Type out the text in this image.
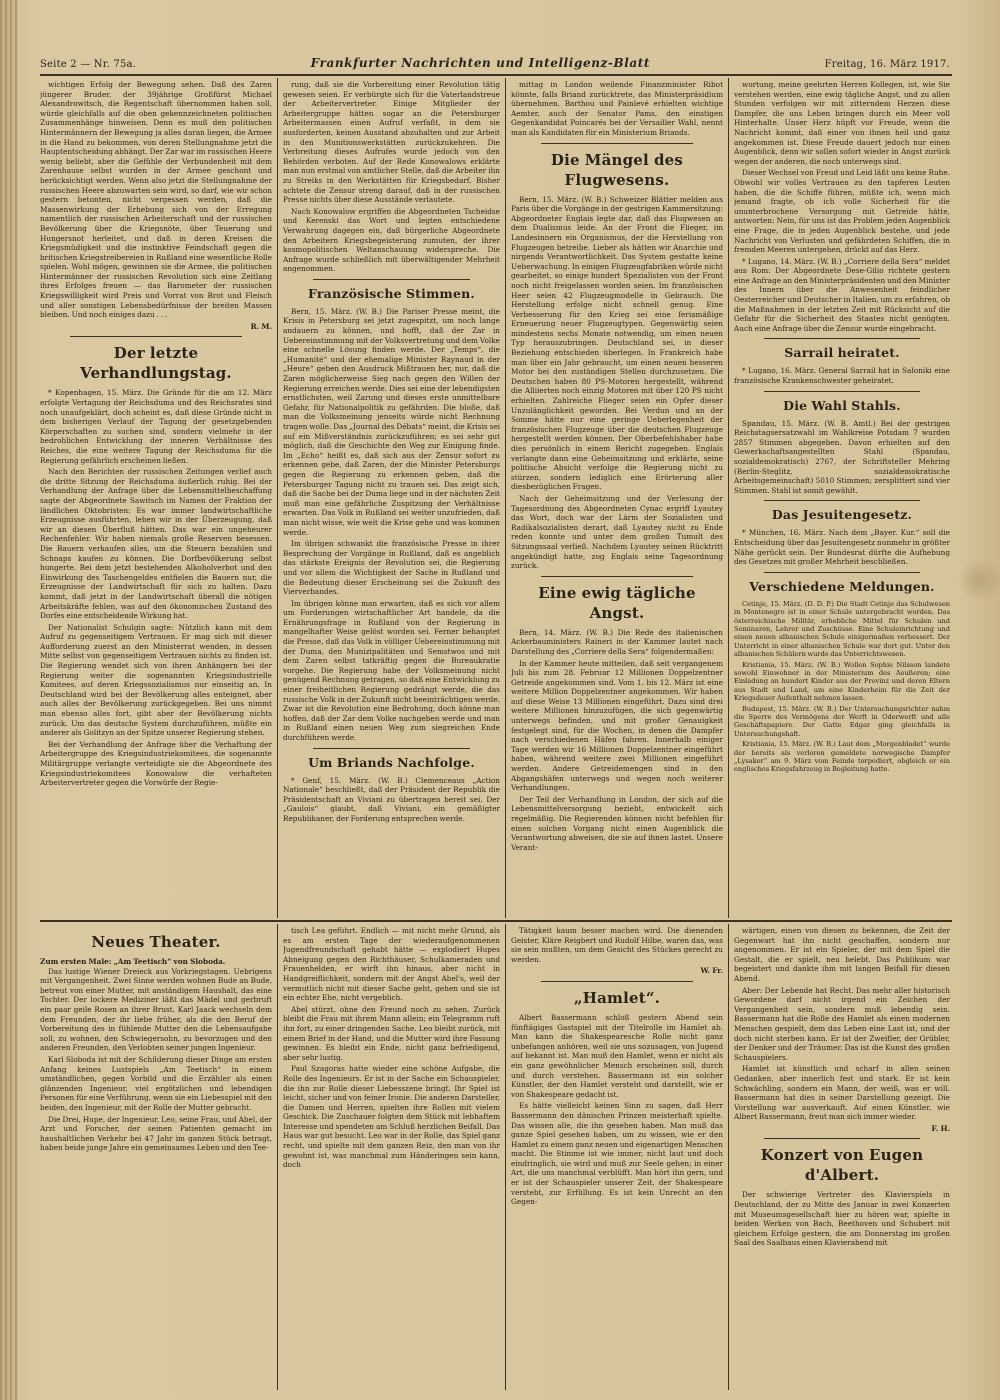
Seite 2 — Nr. 75a.	Frankfurter Nachrichten und Intelligenz-Blatt	Freitag, 16. März 1917.

wichtigen Erfolg der Bewegung sehen. Daß des Zaren jüngerer Bruder, der 39jährige Großfürst Michael Alexandrowitsch, die Regentschaft übernommen haben soll, würde gleichfalls auf die oben gekennzeichneten politischen Zusammenhänge hinweisen. Denn es muß den politischen Hintermännern der Bewegung ja alles daran liegen, die Armee in die Hand zu bekommen, von deren Stellungnahme jetzt die Hauptentscheidung abhängt. Der Zar war im russischen Heere wenig beliebt, aber die Gefühle der Verbundenheit mit dem Zarenhause selbst wurden in der Armee geschont und berücksichtigt werden. Wenn also jetzt die Stellungnahme der russischen Heere abzuwarten sein wird, so darf, wie wir schon gestern betonten, nicht vergessen werden, daß die Massenwirkung der Erhebung sich von der Erregung namentlich der russischen Arbeiterschaft und der russischen Bevölkerung über die Kriegsnöte, über Teuerung und Hungersnot herleitet, und daß in deren Kreisen die Kriegsmüdigkeit und die instinktive Feindschaft gegen die britischen Kriegstreibereien in Rußland eine wesentliche Rolle spielen. Wohl mögen, gewinnen sie die Armee, die politischen Hintermänner der russischen Revolution sich eine Zeitlang ihres Erfolges freuen — das Barometer der russischen Kriegswilligkeit wird Preis und Vorrat von Brot und Fleisch und aller sonstigen Lebensbedürfnisse der breiten Massen bleiben. Und noch einiges dazu . . .

R. M.
Der letzte Verhandlungstag.

* Kopenhagen, 15. März. Die Gründe für die am 12. März erfolgte Vertagung der Reichsduma und des Reichsrates sind noch unaufgeklärt, doch scheint es, daß diese Gründe nicht in dem bisherigen Verlauf der Tagung der gesetzgebenden Körperschaften zu suchen sind, sondern vielmehr in der bedrohlichen Entwicklung der inneren Verhältnisse des Reiches, die eine weitere Tagung der Reichsduma für die Regierung gefährlich erscheinen ließen.

Nach den Berichten der russischen Zeitungen verlief auch die dritte Sitzung der Reichsduma äußerlich ruhig. Bei der Verhandlung der Anfrage über die Lebensmittelbeschaffung sagte der Abgeordnete Sawitsch im Namen der Fraktion der ländlichen Oktobristen: Es war immer landwirtschaftliche Erzeugnisse ausführten, leben wir in der Überzeugung, daß wir an diesen Überfluß hätten. Das war ein ungeheurer Rechenfehler. Wir haben niemals große Reserven besessen. Die Bauern verkaufen alles, um die Steuern bezahlen und Schnaps kaufen zu können. Die Dorfbevölkerung selbst hungerte. Bei dem jetzt bestehenden Alkoholverbot und den Einwirkung des Taschengeldes entfielen die Bauern nur, die Erzeugnisse der Landwirtschaft für sich zu halten. Dazu kommt, daß jetzt in der Landwirtschaft überall die nötigen Arbeitskräfte fehlen, was auf den ökonomischen Zustand des Dorfes eine entscheidende Wirkung hat.

Der Nationalist Schulgin sagte: Nützlich kann mit dem Aufruf zu gegenseitigem Vertrauen. Er mag sich mit dieser Aufforderung zuerst an den Ministerrat wenden, in dessen Mitte selbst von gegenseitigem Vertrauen nichts zu finden ist. Die Regierung wendet sich von ihren Anhängern bei der Regierung weiter die sogenannten Kriegsindustrielle Komitees, auf deren Kriegssozialismus nur einseitig an. In Deutschland wird bei der Bevölkerung alles enteignet, aber auch alles der Bevölkerung zurückgegeben. Bei uns nimmt man ebenso alles fort, gibt aber der Bevölkerung nichts zurück. Um das deutsche System durchzuführen, müßte ein anderer als Golitzyn an der Spitze unserer Regierung stehen.

Bei der Verhandlung der Anfrage über die Verhaftung der Arbeitergruppe des Kriegsindustriekomitees, die sogenannte Militärgruppe verlangte verteidigte sie die Abgeordnete des Kriegsindustriekomitees Konowalow die verhafteten Arbeitervertreter gegen die Vorwürfe der Regie-

rung, daß sie die Vorbereitung einer Revolution tätig gewesen seien. Er verbürgte sich für die Vaterlandstreue der Arbeitervertreter. Einige Mitglieder der Arbeitergruppe hätten sogar an die Petersburger Arbeitermassen einen Aufruf verfaßt, in dem sie ausforderten, keinen Ausstand abzuhalten und zur Arbeit in den Munitionswerkstätten zurückzukehren. Die Verbreitung dieses Aufrufes wurde jedoch von den Behörden verboten. Auf der Rede Konowalows erklärte man nun erstmal von amtlicher Stelle, daß die Arbeiter ihn zu Streiks in den Werkstätten für Kriegsbedarf. Bisher achtete die Zensur streng darauf, daß in der russischen Presse nichts über diese Ausstände verlautete.

Nach Konowalow ergriffen die Abgeordneten Tscheidse und Kerenski das Wort und legten entschiedene Verwahrung dagegen ein, daß bürgerliche Abgeordnete den Arbeitern Kriegsbegeisterung zumuten, der ihrer kosmopolitischen Weltanschauung widerspreche. Die Anfrage wurde schließlich mit überwältigender Mehrheit angenommen.

Französische Stimmen.

Bern, 15. März. (W. B.) Die Pariser Presse meint, die Krisis in Petersburg sei jetzt zugespitzt, um noch lange andauern zu können, und hofft, daß der Zar in Uebereinstimmung mit der Volksvertretung und dem Volke eine schnelle Lösung finden werde. Der „Temps“, die „Humanité“ und der ehemalige Minister Raynaud in der „Heure“ geben den Ausdruck Mißtrauen her, nur, daß die Zaren möglicherweise Sieg nach gegen den Willen der Regierung erreichen werde. Dies sei eine der lebendigsten ernstlichsten, weil Zarung und dieses erste unmittelbare Gefahr, für Nationalpolitik zu gefährden. Die bloße, daß man die Volksmeinung jenseits würde nicht Rechnung tragen wolle. Das „Journal des Débats“ meint, die Krisis sei auf ein Mißverständnis zurückzuführen; es sei sehr gut möglich, daß die Geschichte den Weg zur Einigung finde. Im „Echo“ heißt es, daß sich aus der Zensur sofort zu erkennen gebe, daß Zaren, der die Minister Petersburgs gegen die Regierung zu erkennen geben, daß die Petersburger Tagung nicht zu trauen sei. Das zeigt sich, daß die Sache bei der Duma liege und in der nächsten Zeit muß man eine gefährliche Zuspitzung der Verhältnisse erwarten. Das Volk in Rußland sei weiter unzufrieden, daß man nicht wisse, wie weit die Krise gehe und was kommen werde.

Im übrigen schwankt die französische Presse in ihrer Besprechung der Vorgänge in Rußland, daß es angeblich das stärkste Ereignis der Revolution sei, die Regierung und vor allem die Wichtigkeit der Sache in Rußland und die Bedeutung dieser Erscheinung sei die Zukunft des Vierverbandes.

Im übrigen könne man erwarten, daß es sich vor allem um Forderungen wirtschaftlicher Art handele, da die Ernährungsfrage in Rußland von der Regierung in mangelhafter Weise gelöst worden sei. Ferner behauptet die Presse, daß das Volk in völliger Uebereinstimmung mit der Duma, den Munizipalitäten und Semstwos und mit dem Zaren selbst tatkräftig gegen die Bureaukratie vorgehe. Die Regierung habe der Volksmeinung nicht genügend Rechnung getragen, so daß eine Entwicklung zu einer freiheitlichen Regierung gedrängt werde, die das russische Volk in der Zukunft nicht beeinträchtigen werde. Zwar ist die Revolution eine Bedrohung, doch könne man hoffen, daß der Zar dem Volke nachgeben werde und man in Rußland einen neuen Weg zum siegreichen Ende durchführen werde.

Um Briands Nachfolge.

* Genf, 15. März. (W. B.) Clemenceaus „Action Nationale“ beschließt, daß der Präsident der Republik die Präsidentschaft an Viviani zu übertragen bereit sei. Der „Gaulois“ glaubt, daß Viviani, ein gemäßigter Republikaner, der Forderung entsprechen werde.

mittag in London weilende Finanzminister Ribot könnte, falls Briand zurücktrete, das Ministerpräsidium übernehmen. Barthou und Painlevé erhielten wichtige Aemter, auch der Senator Pams, den einstigen Gegenkandidat Poincarés bei der Versailler Wahl, nennt man als Kandidaten für ein Ministerium Briands.

Die Mängel des Flugwesens.

Bern, 15. März. (W. B.) Schweizer Blätter melden aus Paris über die Vorgänge in der gestrigen Kammersitzung: Abgeordneter Englais legte dar, daß das Flugwesen an dem Dualismus leide. An der Front die Flieger, im Landesinnern ein Organismus, der die Herstellung von Flugzeugen betreibe. Lieber als hätten wir Anarchie und nirgends Verantwortlichkeit. Das System gestatte keine Ueberwachung. In einigen Flugzeugfabriken würde nicht gearbeitet, so einige hundert Spezialisten von der Front noch nicht freigelassen worden seien. Im französischen Heer seien 42 Flugzeugmodelle in Gebrauch. Die Herstellung erfolge nicht schnell genug. Eine Verbesserung für den Krieg sei eine feriamäßige Erneuerung neuer Flugzeugtypen. Gegenwärtig seien mindestens sechs Monate notwendig, um einen neuen Typ herauszubringen. Deutschland sei, in dieser Beziehung entschieden überlegen. In Frankreich habe man über ein Jahr gebraucht, um einen neuen besseren Motor bei den zuständigen Stellen durchzusetzen. Die Deutschen haben 80 PS-Motoren hergestellt, während die Alliierten noch einzig Motoren mit über 120 PS nicht erhielten. Zahlreiche Flieger seien ein Opfer dieser Unzulänglichkeit geworden. Bei Verdun und an der Somme hätte nur eine geringe Ueberlegenheit der französischen Flugzeuge über die deutschen Flugzeuge hergestellt werden können. Der Oberbefehlshaber habe dies persönlich in einem Bericht zugegeben. Englais verlangte dann eine Geheimsitzung und erklärte, seine politische Absicht verfolge die Regierung nicht zu stürzen, sondern lediglich eine Erörterung aller diesbezüglichen Fragen.

Nach der Geheimsitzung und der Verlesung der Tagesordnung des Abgeordneten Cynac ergriff Lyautey das Wort, doch war der Lärm der Sozialisten und Radikalsozialisten derart, daß Lyautey nicht zu Ende reden konnte und unter dem großen Tumult des Sitzungssaal verließ. Nachdem Lyautey seinen Rücktritt angekündigt hatte, zog Englais seine Tagesordnung zurück.

Eine ewig tägliche Angst.

Bern, 14. März. (W. B.) Die Rede des italienischen Ackerbauministers Raineri in der Kammer lautet nach Darstellung des „Corriere della Sera“ folgendermaßen:

In der Kammer heute mitteilen, daß seit vergangenem Juli bis zum 28. Februar 12 Millionen Doppelzentner Getreide angekommen sind. Vom 1. bis 12. März ist eine weitere Million Doppelzentner angekommen. Wir haben auf diese Weise 13 Millionen eingeführt. Dazu sind drei weitere Millionen hinzuzufügen, die sich gegenwärtig unterwegs befinden, und mit großer Genauigkeit festgelegt sind, für die Wochen, in denen die Dampfer nach verschiedenen Häfen fahren. Innerhalb einiger Tage werden wir 16 Millionen Doppelzentner eingeführt haben, während weitere zwei Millionen eingeführt werden. Andere Getreidemengen sind in den Abgangshäfen unterwegs und wegen noch weiterer Verhandlungen.

Der Teil der Verhandlung in London, der sich auf die Lebensmittelversorgung bezieht, entwickelt sich regelmäßig. Die Regierenden können nicht befehlen für einen solchen Vorgang nicht einen Augenblick die Verantwortung abweisen, die sie auf ihnen lastet. Unsere Verant-

wortung, meine geehrten Herren Kollegen, ist, wie Sie verstehen werden, eine ewig tägliche Angst, und zu allen Stunden verfolgen wir mit zitterndem Herzen diese Dampfer, die uns Leben bringen durch ein Meer voll Hinterhalte. Unser Herz hüpft vor Freude, wenn die Nachricht kommt, daß einer von ihnen heil und ganz angekommen ist. Diese Freude dauert jedoch nur einen Augenblick, denn wir sollen sofort wieder in Angst zurück wegen der anderen, die noch unterwegs sind.

Dieser Wechsel von Freud und Leid läßt uns keine Ruhe. Obwohl wir volles Vertrauen zu den tapferen Leuten haben, die die Schiffe führen, müßte ich, wenn mich jemand fragte, ob ich volle Sicherheit für die ununterbrochene Versorgung mit Getreide hätte, antworten: Nein, für uns ist das Problem jeden Augenblick eine Frage, die in jeden Augenblick bestehe, und jede Nachricht von Verlusten und gefährdeten Schiffen, die in fremden Meeren untergehen, drückt auf das Herz.

* Lugano, 14. März. (W. B.) „Corriere della Sera“ meldet aus Rom: Der Abgeordnete Dese-Gilio richtete gestern eine Anfrage an den Ministerpräsidenten und den Minister des Innern über die Anwesenheit feindlicher Oesterreicher und Deutscher in Italien, um zu erfahren, ob die Maßnahmen in der letzten Zeit mit Rücksicht auf die Gefahr für die Sicherheit des Staates nicht genügten. Auch eine Anfrage über die Zensur wurde eingebracht.

Sarrail heiratet.

* Lugano, 16. März. General Sarrail hat in Saloniki eine französische Krankenschwester geheiratet.

Die Wahl Stahls.

Spandau, 15. März. (W. B. Amtl.) Bei der gestrigen Reichstagsersatzwahl im Wahlkreise Potsdam 7 wurden 2857 Stimmen abgegeben. Davon erhielten auf den Gewerkschaftsangestellten Stahl (Spandau, sozialdemokratisch) 2767, der Schriftsteller Mehring (Berlin-Steglitz, sozialdemokratische Arbeitsgemeinschaft) 5010 Stimmen; zersplittert sind vier Stimmen. Stahl ist somit gewählt.

Das Jesuitengesetz.

* München, 16. März. Nach dem „Bayer. Kur.“ soll die Entscheidung über das Jesuitengesetz nunmehr in größter Nähe gerückt sein. Der Bundesrat dürfte die Aufhebung des Gesetzes mit großer Mehrheit beschließen.

Verschiedene Meldungen.

Cetinje, 15. März. (D. D. P.) Die Stadt Cetinje das Schulwesen in Montenegro ist in einer Schule untergebracht worden. Das österreichische Militär, erhebliche Mittel für Schulen und Seminaren, Lehrer und Zuschüsse. Eine Schuleinrichtung und einen neuen albanischen Schule einigermaßen verbessert. Der Unterricht in einer albanischen Schule war dort gut. Unter den albanischen Schülern wurde das Unterrichtswesen.

Kristiania, 15. März. (W. B.) Wollen Sophie Nilsson landete sowohl Einwohner in der Ministerium des Aeußeren; eine Einladung an hundert Kinder aus der Provinz und deren Eltern aus Stadt und Land, um eine Kinderheim für die Zeit der Kriegsdauer Aufenthalt nehmen lassen.

Budapest, 15. März. (W. B.) Der Untersuchungsrichter nahm die Sperre des Vermögens der Werft in Oderwerft und alle Geschäftspapiere. Der Gatte Edgar ging gleichfalls in Untersuchungshaft.

Kristiania, 15. März. (W. B.) Laut dem „Morgenbladet“ wurde der bereits als verloren gemeldete norwegische Dampfer „Lysaker“ am 9. März vom Feinde torpediert, obgleich er ein englisches Kriegsfahrzeug in Begleitung hatte.

Neues Theater.
Zum ersten Male: „Am Teetisch“ von Sloboda.

Das lustige Wiener Dreieck aus Vorkriegstagen. Uebrigens mit Vergangenheit. Zwei Sinne werden wohnen Bude an Bude, betreut von einer Mutter, mit anständigem Haushalt, das eine Tochter. Der lockere Mediziner läßt das Mädel und gerbruft ein paar geile Rosen an ihrer Brust. Karl Jaack wechseln dem dem Freunden, der ihr liebe früher, als die den Beruf der Vorbereitung des in fühlende Mutter den die Lebensaufgabe soll, zu wohnen, den Schwiegersohn, zu bevorzugen und den anderen Freunden, den Verlobten seiner jungen Ingenieur.

Karl Sloboda ist mit der Schilderung dieser Dinge am ersten Anfang keines Lustspiels „Am Teetisch“ in einem umständlichen, gegen Vorbild und die Erzähler als einen glänzenden Ingenieur, viel ergötzlichen und lebendigen Personen für eine Verführung, wenn sie ein Liebesspiel mit den beiden, den Ingenieur, mit der Rolle der Mutter gebracht.

Die Drei, Hupe, der Ingenieur, Leo, seine Frau, und Abel, der Arzt und Forscher, der seinen Patienten gemacht im haushaltlichen Verkehr bei 47 Jahr im ganzen Stück betragt, haben beide junge Jahre ein gemeinsames Leben und den Tee-

tisch Lea geführt. Endlich — mit nicht mehr Grund, als es am ersten Tage der wiederaufgenommenen Jugendfreundschaft gehabt hätte — explodiert Hupes Abneigung gegen den Richthäuser, Schulkameraden und Frauenhelden, er wirft ihn hinaus, aber nicht in Handgreiflichkeit, sondern mit der Angst Abel's, weil der vermutlich nicht mit dieser Sache geht, gehen und sie ist ein echter Ehe, nicht vergeblich.

Abel stürzt, ohne den Freund noch zu sehen. Zurück bleibt die Frau mit ihrem Mann allein; ein Telegramm ruft ihn fort, zu einer dringenden Sache. Leo bleibt zurück, mit einem Brief in der Hand, und die Mutter wird ihre Fassung gewinnen. Es bleibt ein Ende, nicht ganz befriedigend, aber sehr lustig.

Paul Szagoras hatte wieder eine schöne Aufgabe, die Rolle des Ingenieurs. Er ist in der Sache ein Schauspieler, die ihn zur Rolle dieser Liebesszene bringt. Ihr Spiel ist leicht, sicher und von feiner Ironie. Die anderen Darsteller, die Damen und Herren, spielten ihre Rollen mit vielem Geschick. Die Zuschauer folgten dem Stück mit lebhaftem Interesse und spendeten am Schluß herzlichen Beifall. Das Haus war gut besucht. Leo war in der Rolle, das Spiel ganz recht, und spielte mit dem ganzen Reiz, den man von ihr gewohnt ist, was manchmal zum Händeringen sein kann, doch

Tätigkeit kaum besser machen wird. Die dienenden Geister, Kläre Reigbert und Rudolf Hilbe, waren das, was sie sein mußten, um dem Gesicht des Stückes gerecht zu werden.

W. Fr.
„Hamlet“.

Albert Bassermann schloß gestern Abend sein fünftägiges Gastspiel mit der Titelrolle im Hamlet ab. Man kann die Shakespearesche Rolle nicht ganz unbefangen anhören, weil sie uns sozusagen, von Jugend auf bekannt ist. Man muß den Hamlet, wenn er nicht als ein ganz gewöhnlicher Mensch erscheinen soll, durch und durch verstehen. Bassermann ist ein solcher Künstler, der den Hamlet versteht und darstellt, wie er von Shakespeare gedacht ist.

Es hätte vielleicht keinen Sinn zu sagen, daß Herr Bassermann den dänischen Prinzen meisterhaft spielte. Das wissen alle, die ihn gesehen haben. Man muß das ganze Spiel gesehen haben, um zu wissen, wie er den Hamlet zu einem ganz neuen und eigenartigen Menschen macht. Die Stimme ist wie immer, nicht laut und doch eindringlich, sie wird und muß zur Seele gehen; in einer Art, die uns manchmal verblüfft. Man hört ihn gern, und er ist der Schauspieler unserer Zeit, der Shakespeare versteht, zur Erfüllung. Es ist kein Unrecht an den Gegen-

wärtigen, einen von diesen zu bekennen, die Zeit der Gegenwart hat ihn nicht geschaffen, sondern nur angenommen. Er ist ein Spieler, der mit dem Spiel die Gestalt, die er spielt, neu belebt. Das Publikum war begeistert und dankte ihm mit langen Beifall für diesen Abend.

Aber: Der Lebende hat Recht. Das mehr aller historisch Gewordene darf nicht irgend ein Zeichen der Vergangenheit sein, sondern muß lebendig sein. Bassermann hat die Rolle des Hamlet als einen modernen Menschen gespielt, dem das Leben eine Last ist, und der doch nicht sterben kann. Er ist der Zweifler, der Grübler, der Denker und der Träumer. Das ist die Kunst des großen Schauspielers.

Hamlet ist künstlich und scharf in allen seinen Gedanken, aber innerlich fest und stark. Er ist kein Schwächling, sondern ein Mann, der weiß, was er will. Bassermann hat dies in seiner Darstellung gezeigt. Die Vorstellung war ausverkauft. Auf einen Künstler, wie Albert Bassermann, freut man sich immer wieder.

F. H.
Konzert von Eugen d'Albert.

Der schwierige Vertreter des Klavierspiels in Deutschland, der zu Mitte des Januar in zwei Konzerten mit Museumsgesellschaft hier zu hören war, spielte in beiden Werken von Bach, Beethoven und Schubert mit gleichem Erfolge gestern, die am Donnerstag im großen Saal des Saalbaus einen Klavierabend mit
